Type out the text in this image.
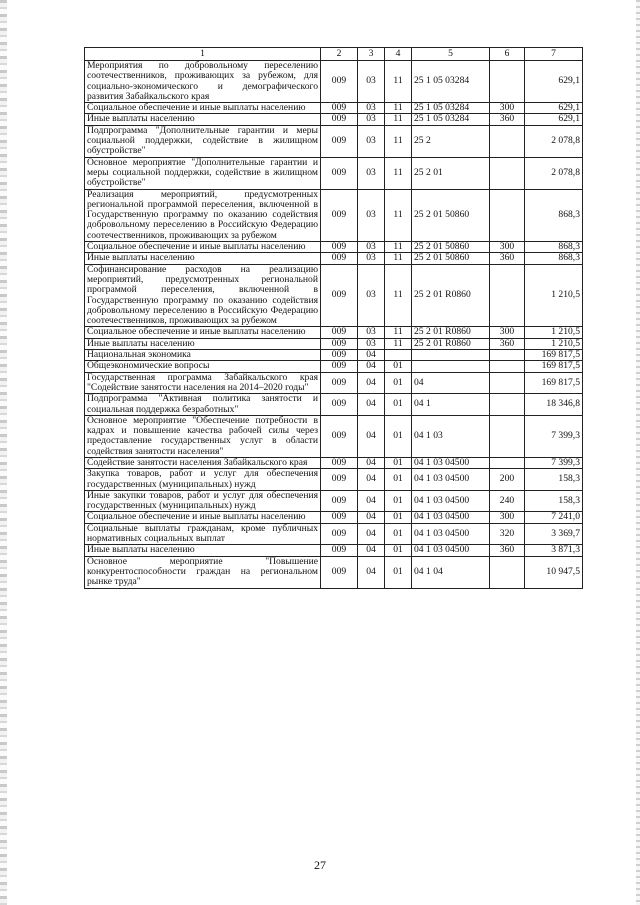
1	2	3	4	5	6	7
Мероприятия по добровольному переселению соотечественников, проживающих за рубежом, для социально-экономического и демографического развития Забайкальского края	009	03	11	25 1 05 03284		629,1
Социальное обеспечение и иные выплаты населению	009	03	11	25 1 05 03284	300	629,1
Иные выплаты населению	009	03	11	25 1 05 03284	360	629,1
Подпрограмма "Дополнительные гарантии и меры социальной поддержки, содействие в жилищном обустройстве"	009	03	11	25 2		2 078,8
Основное мероприятие "Дополнительные гарантии и меры социальной поддержки, содействие в жилищном обустройстве"	009	03	11	25 2 01		2 078,8
Реализация мероприятий, предусмотренных региональной программой переселения, включенной в Государственную программу по оказанию содействия добровольному переселению в Российскую Федерацию соотечественников, проживающих за рубежом	009	03	11	25 2 01 50860		868,3
Социальное обеспечение и иные выплаты населению	009	03	11	25 2 01 50860	300	868,3
Иные выплаты населению	009	03	11	25 2 01 50860	360	868,3
Софинансирование расходов на реализацию мероприятий, предусмотренных региональной программой переселения, включенной в Государственную программу по оказанию содействия добровольному переселению в Российскую Федерацию соотечественников, проживающих за рубежом	009	03	11	25 2 01 R0860		1 210,5
Социальное обеспечение и иные выплаты населению	009	03	11	25 2 01 R0860	300	1 210,5
Иные выплаты населению	009	03	11	25 2 01 R0860	360	1 210,5
Национальная экономика	009	04				169 817,5
Общеэкономические вопросы	009	04	01			169 817,5
Государственная программа Забайкальского края "Содействие занятости населения на 2014–2020 годы"	009	04	01	04		169 817,5
Подпрограмма "Активная политика занятости и социальная поддержка безработных"	009	04	01	04 1		18 346,8
Основное мероприятие "Обеспечение потребности в кадрах и повышение качества рабочей силы через предоставление государственных услуг в области содействия занятости населения"	009	04	01	04 1 03		7 399,3
Содействие занятости населения Забайкальского края	009	04	01	04 1 03 04500		7 399,3
Закупка товаров, работ и услуг для обеспечения государственных (муниципальных) нужд	009	04	01	04 1 03 04500	200	158,3
Иные закупки товаров, работ и услуг для обеспечения государственных (муниципальных) нужд	009	04	01	04 1 03 04500	240	158,3
Социальное обеспечение и иные выплаты населению	009	04	01	04 1 03 04500	300	7 241,0
Социальные выплаты гражданам, кроме публичных нормативных социальных выплат	009	04	01	04 1 03 04500	320	3 369,7
Иные выплаты населению	009	04	01	04 1 03 04500	360	3 871,3
Основное мероприятие "Повышение конкурентоспособности граждан на региональном рынке труда"	009	04	01	04 1 04		10 947,5
27
